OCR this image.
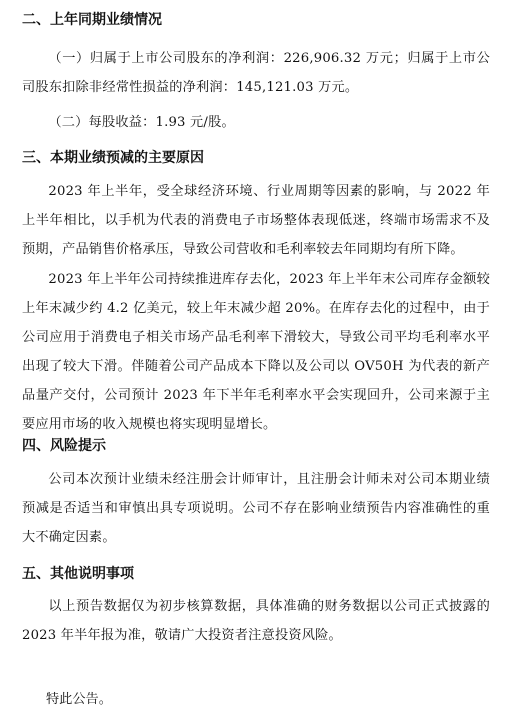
二、上年同期业绩情况

（一）归属于上市公司股东的净利润：226,906.32 万元；归属于上市公司股东扣除非经常性损益的净利润：145,121.03 万元。

（二）每股收益：1.93 元/股。

三、本期业绩预减的主要原因

2023 年上半年，受全球经济环境、行业周期等因素的影响，与 2022 年上半年相比，以手机为代表的消费电子市场整体表现低迷，终端市场需求不及预期，产品销售价格承压，导致公司营收和毛利率较去年同期均有所下降。

2023 年上半年公司持续推进库存去化，2023 年上半年末公司库存金额较上年末减少约 4.2 亿美元，较上年末减少超 20%。在库存去化的过程中，由于公司应用于消费电子相关市场产品毛利率下滑较大，导致公司平均毛利率水平出现了较大下滑。伴随着公司产品成本下降以及公司以 OV50H 为代表的新产品量产交付，公司预计 2023 年下半年毛利率水平会实现回升，公司来源于主要应用市场的收入规模也将实现明显增长。

四、风险提示

公司本次预计业绩未经注册会计师审计，且注册会计师未对公司本期业绩预减是否适当和审慎出具专项说明。公司不存在影响业绩预告内容准确性的重大不确定因素。

五、其他说明事项

以上预告数据仅为初步核算数据，具体准确的财务数据以公司正式披露的 2023 年半年报为准，敬请广大投资者注意投资风险。

特此公告。
